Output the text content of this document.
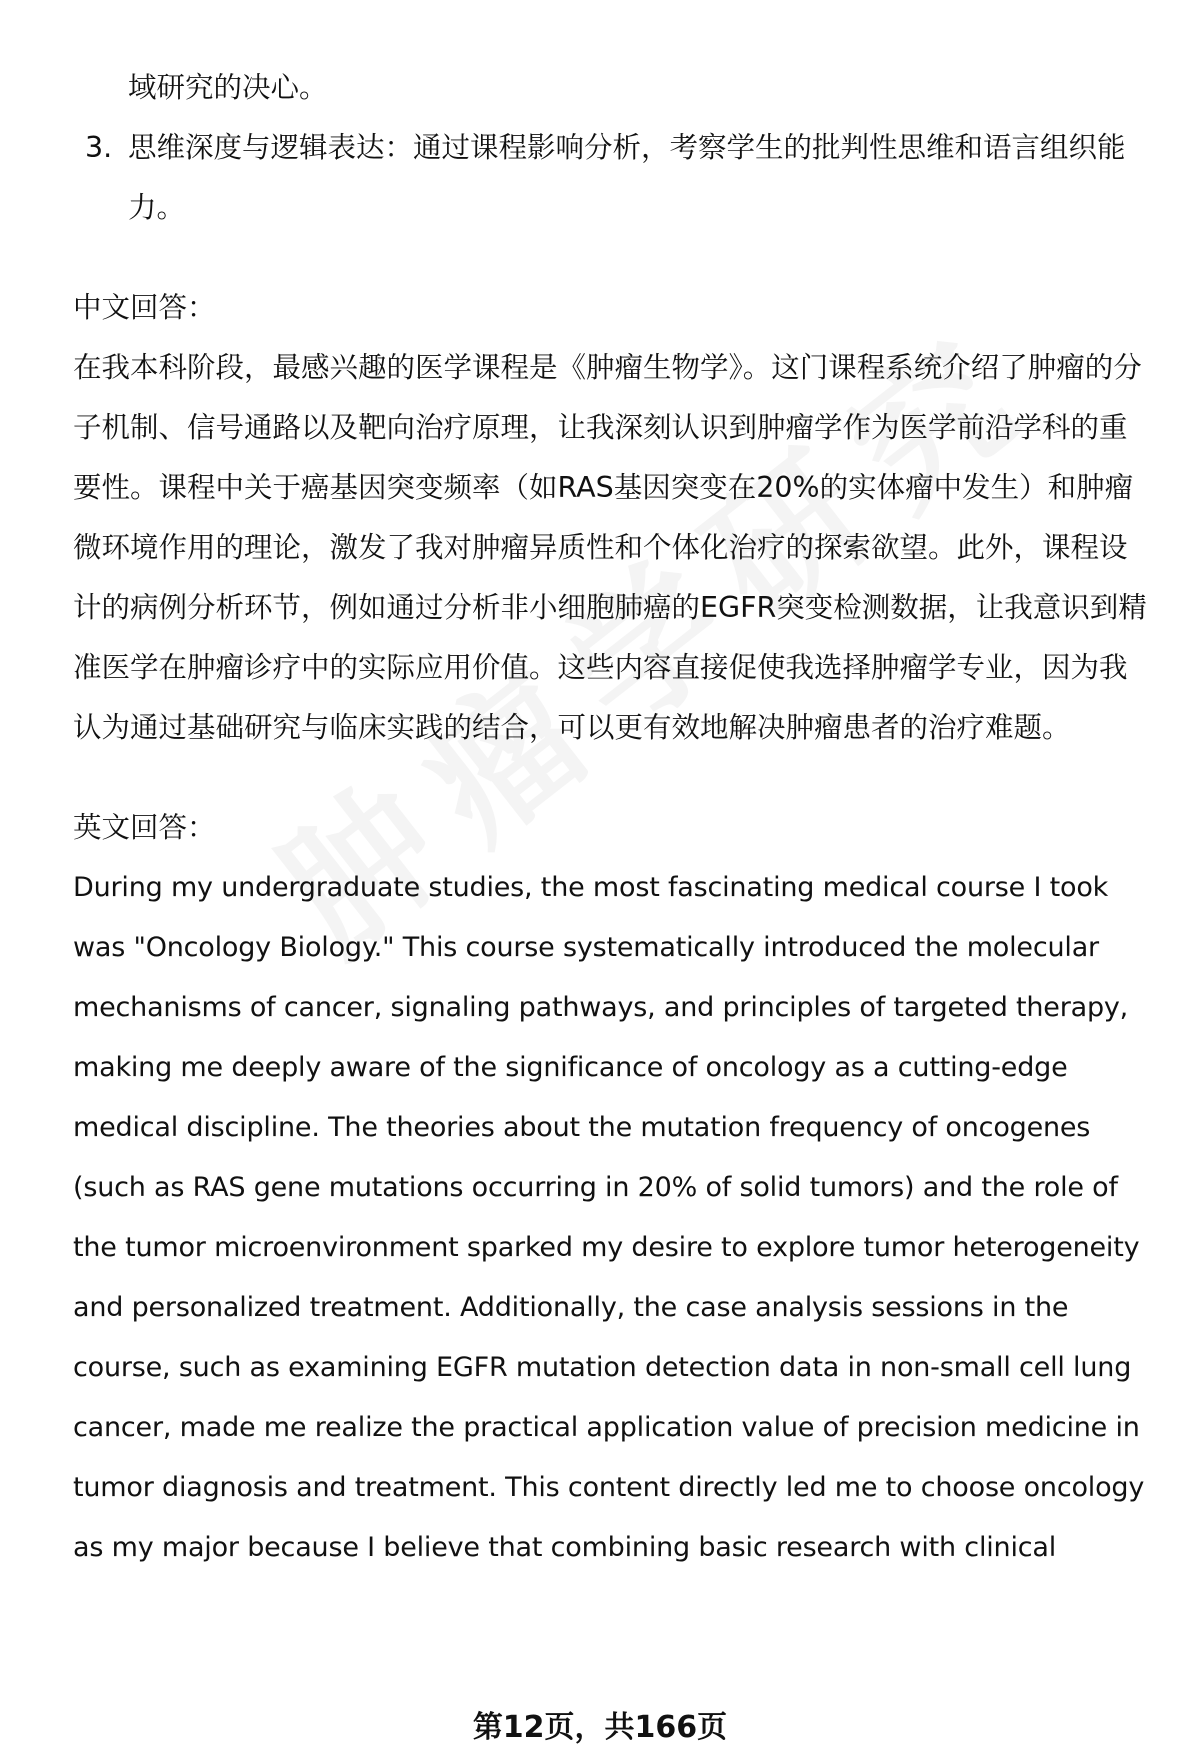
域研究的决心。

3. 思维深度与逻辑表达：通过课程影响分析，考察学生的批判性思维和语言组织能力。

中文回答：

在我本科阶段，最感兴趣的医学课程是《肿瘤生物学》。这门课程系统介绍了肿瘤的分子机制、信号通路以及靶向治疗原理，让我深刻认识到肿瘤学作为医学前沿学科的重要性。课程中关于癌基因突变频率（如RAS基因突变在20%的实体瘤中发生）和肿瘤微环境作用的理论，激发了我对肿瘤异质性和个体化治疗的探索欲望。此外，课程设计的病例分析环节，例如通过分析非小细胞肺癌的EGFR突变检测数据，让我意识到精准医学在肿瘤诊疗中的实际应用价值。这些内容直接促使我选择肿瘤学专业，因为我认为通过基础研究与临床实践的结合，可以更有效地解决肿瘤患者的治疗难题。

英文回答：

During my undergraduate studies, the most fascinating medical course I took was "Oncology Biology." This course systematically introduced the molecular mechanisms of cancer, signaling pathways, and principles of targeted therapy, making me deeply aware of the significance of oncology as a cutting-edge medical discipline. The theories about the mutation frequency of oncogenes (such as RAS gene mutations occurring in 20% of solid tumors) and the role of the tumor microenvironment sparked my desire to explore tumor heterogeneity and personalized treatment. Additionally, the case analysis sessions in the course, such as examining EGFR mutation detection data in non-small cell lung cancer, made me realize the practical application value of precision medicine in tumor diagnosis and treatment. This content directly led me to choose oncology as my major because I believe that combining basic research with clinical

第12页，共166页
